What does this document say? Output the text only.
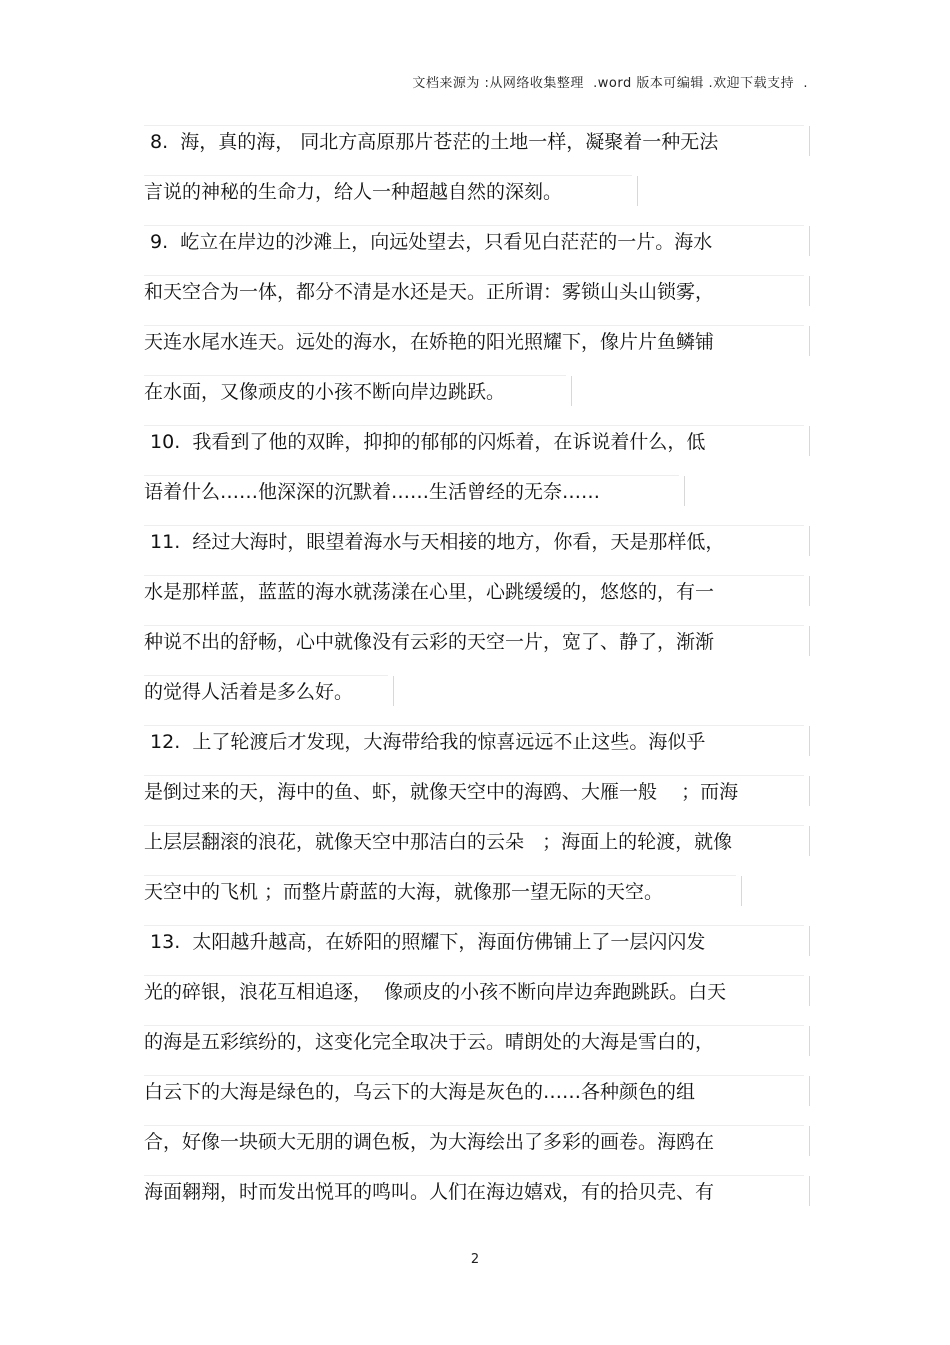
文档来源为 :从网络收集整理  .word 版本可编辑 .欢迎下载支持  .
8.  海，真的海， 同北方高原那片苍茫的土地一样，凝聚着一种无法
言说的神秘的生命力，给人一种超越自然的深刻。
9.  屹立在岸边的沙滩上，向远处望去，只看见白茫茫的一片。海水
和天空合为一体，都分不清是水还是天。正所谓：雾锁山头山锁雾，
天连水尾水连天。远处的海水，在娇艳的阳光照耀下，像片片鱼鳞铺
在水面，又像顽皮的小孩不断向岸边跳跃。
10.  我看到了他的双眸，抑抑的郁郁的闪烁着，在诉说着什么，低
语着什么……他深深的沉默着……生活曾经的无奈……
11.  经过大海时，眼望着海水与天相接的地方，你看，天是那样低，
水是那样蓝，蓝蓝的海水就荡漾在心里，心跳缓缓的，悠悠的，有一
种说不出的舒畅，心中就像没有云彩的天空一片，宽了、静了，渐渐
的觉得人活着是多么好。
12.  上了轮渡后才发现，大海带给我的惊喜远远不止这些。海似乎
是倒过来的天，海中的鱼、虾，就像天空中的海鸥、大雁一般    ；而海
上层层翻滚的浪花，就像天空中那洁白的云朵   ；海面上的轮渡，就像
天空中的飞机 ；而整片蔚蓝的大海，就像那一望无际的天空。
13.  太阳越升越高，在娇阳的照耀下，海面仿佛铺上了一层闪闪发
光的碎银，浪花互相追逐，  像顽皮的小孩不断向岸边奔跑跳跃。白天
的海是五彩缤纷的，这变化完全取决于云。晴朗处的大海是雪白的，
白云下的大海是绿色的，乌云下的大海是灰色的……各种颜色的组
合，好像一块硕大无朋的调色板，为大海绘出了多彩的画卷。海鸥在
海面翱翔，时而发出悦耳的鸣叫。人们在海边嬉戏，有的拾贝壳、有
2
